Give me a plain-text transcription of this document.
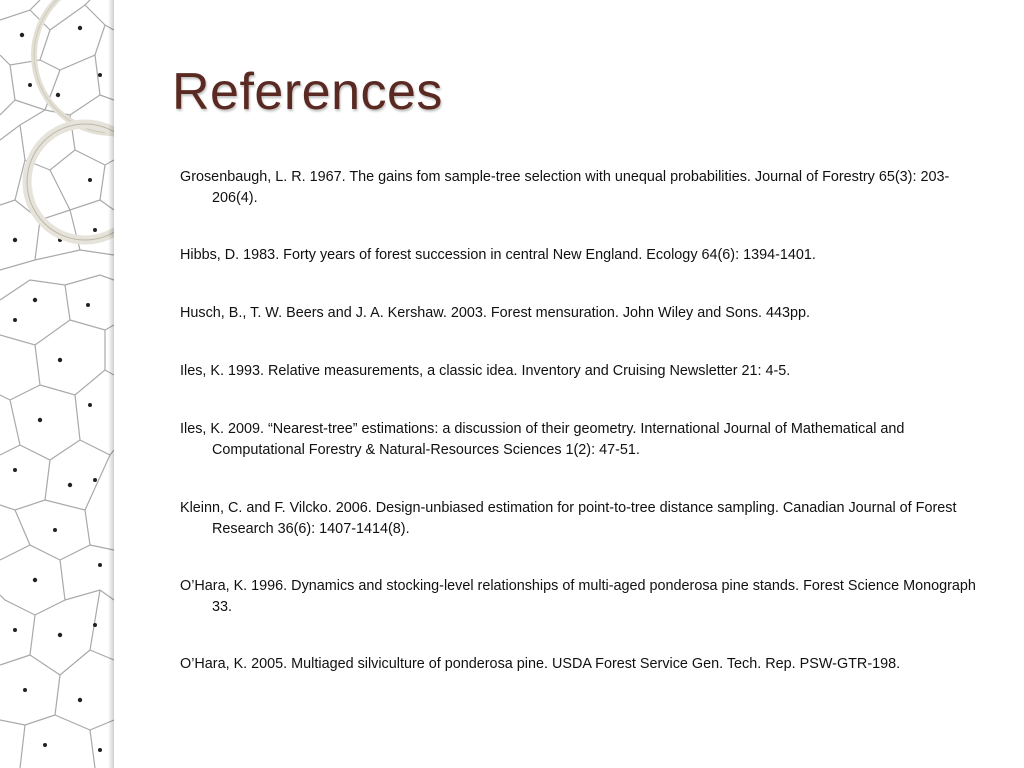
References
Grosenbaugh, L. R. 1967. The gains fom sample-tree selection with unequal probabilities. Journal of Forestry 65(3): 203-206(4).
Hibbs, D. 1983. Forty years of forest succession in central New England. Ecology 64(6): 1394-1401.
Husch, B., T. W. Beers and J. A. Kershaw. 2003. Forest mensuration. John Wiley and Sons. 443pp.
Iles, K. 1993. Relative measurements, a classic idea. Inventory and Cruising Newsletter 21: 4-5.
Iles, K. 2009. “Nearest-tree” estimations: a discussion of their geometry. International Journal of Mathematical and Computational Forestry & Natural-Resources Sciences 1(2): 47-51.
Kleinn, C. and F. Vilcko. 2006. Design-unbiased estimation for point-to-tree distance sampling. Canadian Journal of Forest Research 36(6): 1407-1414(8).
O’Hara, K. 1996. Dynamics and stocking-level relationships of multi-aged ponderosa pine stands. Forest Science Monograph 33.
O’Hara, K. 2005. Multiaged silviculture of ponderosa pine. USDA Forest Service Gen. Tech. Rep. PSW-GTR-198.
